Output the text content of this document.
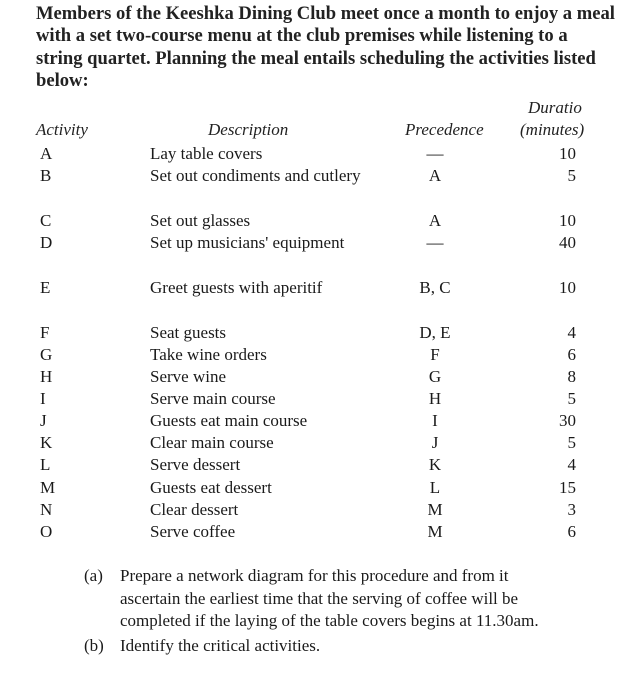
Members of the Keeshka Dining Club meet once a month to enjoy a meal with a set two-course menu at the club premises while listening to a string quartet. Planning the meal entails scheduling the activities listed below:
Activity	Description	Precedence
Duratio
(minutes)
A	Lay table covers	—	10
B	Set out condiments and cutlery	A	5
C	Set out glasses	A	10
D	Set up musicians' equipment	—	40
E	Greet guests with aperitif	B, C	10
F	Seat guests	D, E	4
G	Take wine orders	F	6
H	Serve wine	G	8
I	Serve main course	H	5
J	Guests eat main course	I	30
K	Clear main course	J	5
L	Serve dessert	K	4
M	Guests eat dessert	L	15
N	Clear dessert	M	3
O	Serve coffee	M	6

(a) Prepare a network diagram for this procedure and from it ascertain the earliest time that the serving of coffee will be completed if the laying of the table covers begins at 11.30am.

(b) Identify the critical activities.
